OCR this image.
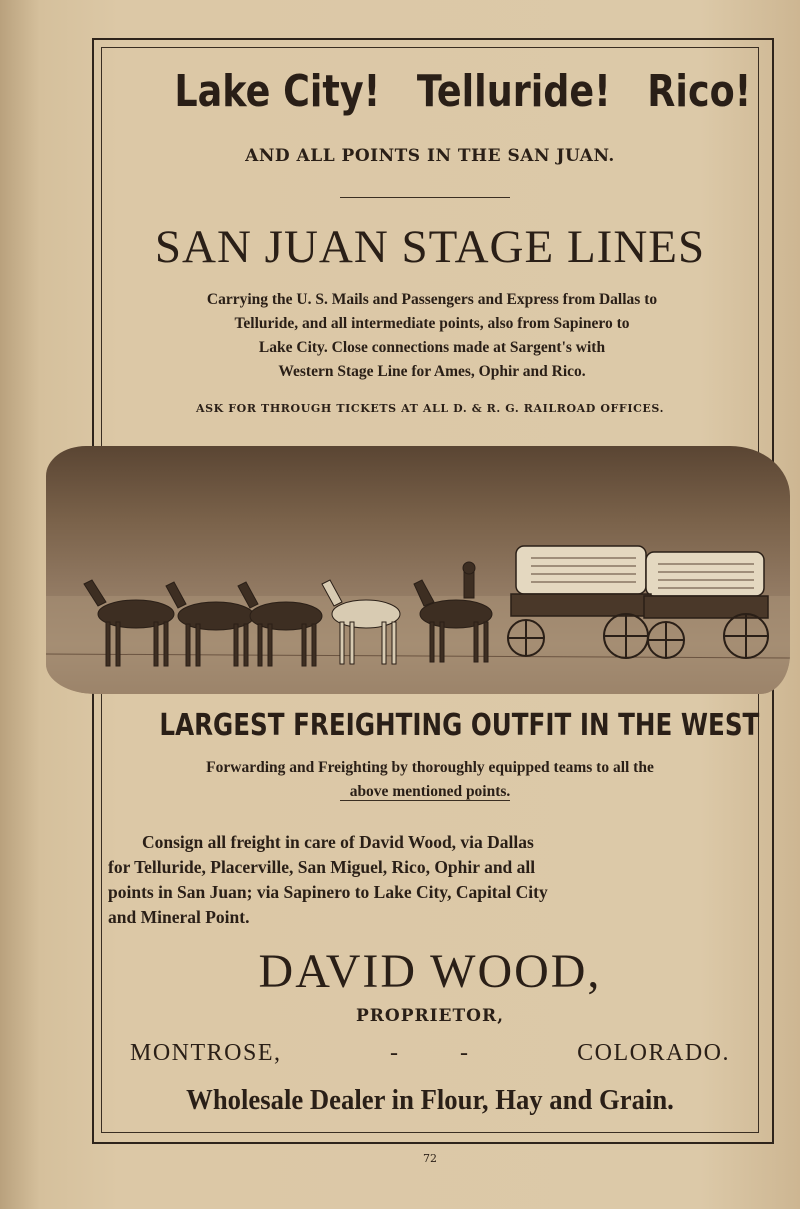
Lake City! Telluride! Rico!
AND ALL POINTS IN THE SAN JUAN.
SAN JUAN STAGE LINES

Carrying the U. S. Mails and Passengers and Express from Dallas to

Telluride, and all intermediate points, also from Sapinero to

Lake City. Close connections made at Sargent's with

Western Stage Line for Ames, Ophir and Rico.

ASK FOR THROUGH TICKETS AT ALL D. & R. G. RAILROAD OFFICES.
LARGEST FREIGHTING OUTFIT IN THE WEST

Forwarding and Freighting by thoroughly equipped teams to all the

above mentioned points.

Consign all freight in care of David Wood, via Dallas

for Telluride, Placerville, San Miguel, Rico, Ophir and all

points in San Juan; via Sapinero to Lake City, Capital City

and Mineral Point.

DAVID WOOD,
PROPRIETOR,
MONTROSE,	-	-	COLORADO.
Wholesale Dealer in Flour, Hay and Grain.
72
